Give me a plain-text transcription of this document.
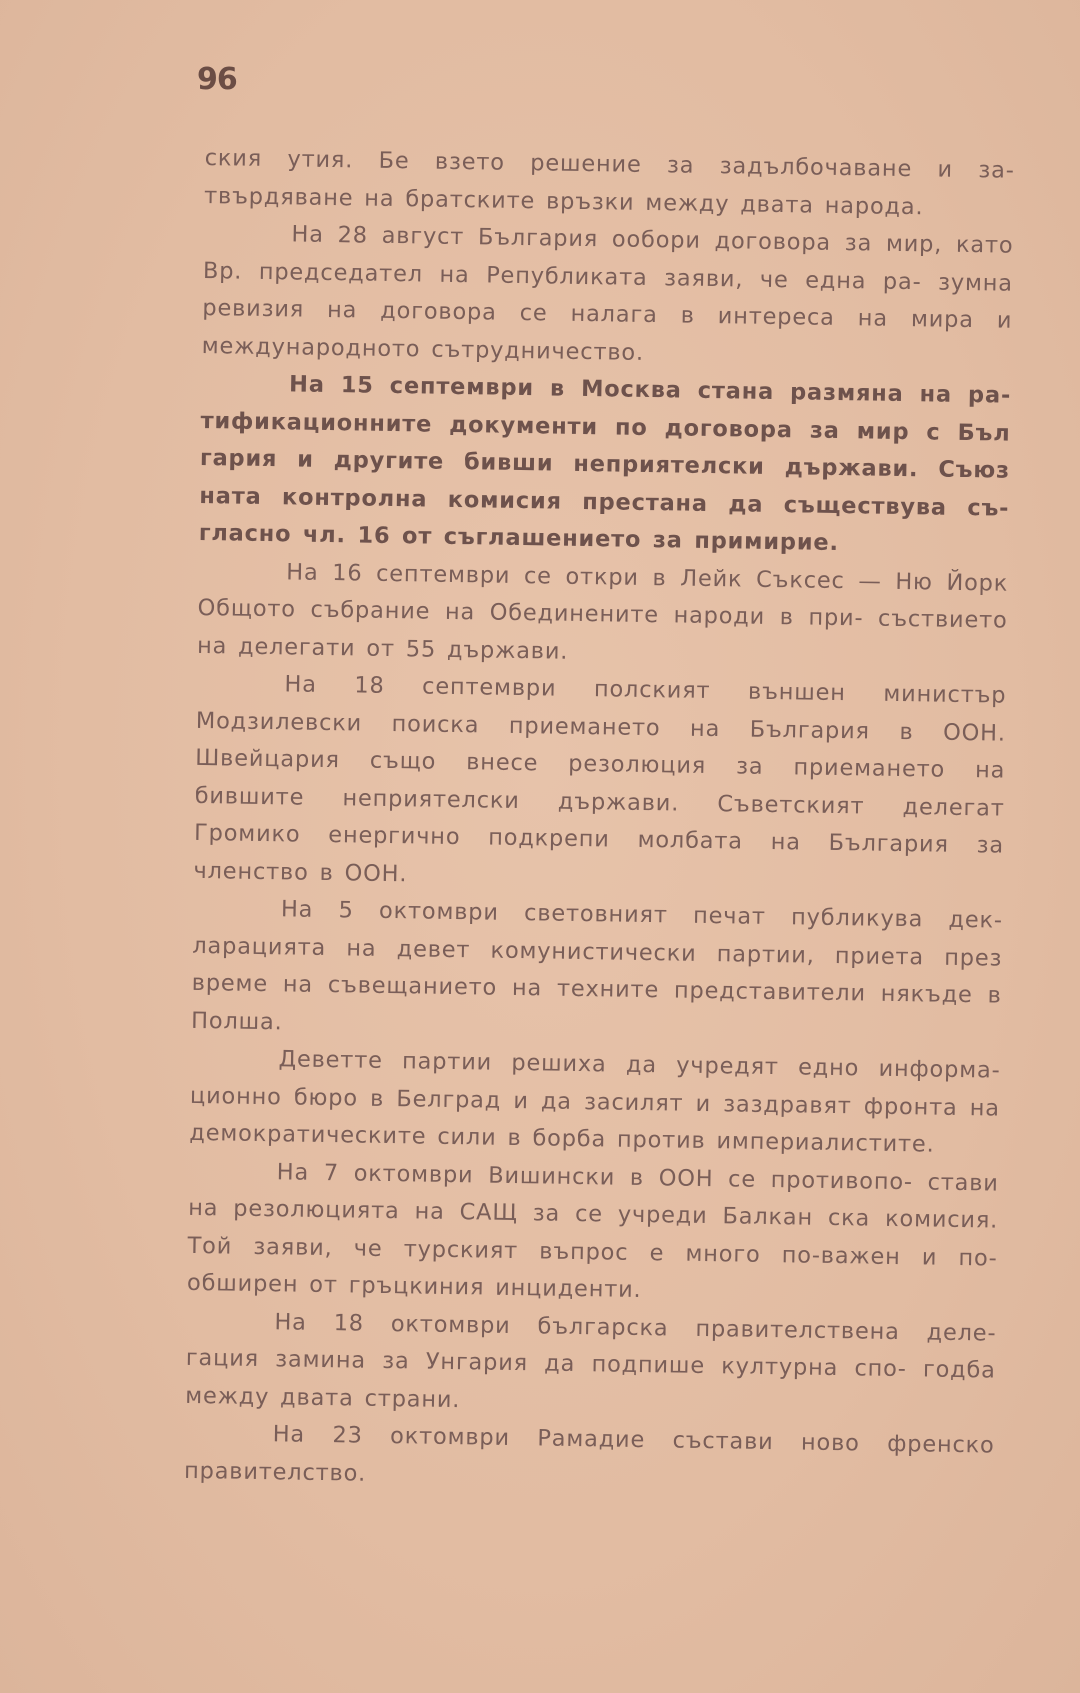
96

ския утия. Бе взето решение за задълбочаване и за- твърдяване на братските връзки между двата народа.

На 28 август България ообори договора за мир, като Вр. председател на Републиката заяви, че една ра- зумна ревизия на договора се налага в интереса на мира и международното сътрудничество.

На 15 септември в Москва стана размяна на ра- тификационните документи по договора за мир с Бъл гария и другите бивши неприятелски държави. Съюз ната контролна комисия престана да съществува съ- гласно чл. 16 от съглашението за примирие.

На 16 септември се откри в Лейк Съксес — Ню Йорк Общото събрание на Обединените народи в при- съствието на делегати от 55 държави.

На 18 септември полският външен министър Модзилевски поиска приемането на България в ООН. Швейцария също внесе резолюция за приемането на бившите неприятелски държави. Съветският делегат Громико енергично подкрепи молбата на България за членство в ООН.

На 5 октомври световният печат публикува дек- ларацията на девет комунистически партии, приета през време на съвещанието на техните представители някъде в Полша.

Деветте партии решиха да учредят едно информа- ционно бюро в Белград и да засилят и заздравят фронта на демократическите сили в борба против империалистите.

На 7 октомври Вишински в ООН се противопо- стави на резолюцията на САЩ за се учреди Балкан ска комисия. Той заяви, че турският въпрос е много по-важен и по-обширен от гръцкиния инциденти.

На 18 октомври българска правителствена деле- гация замина за Унгария да подпише културна спо- годба между двата страни.

На 23 октомври Рамадие състави ново френско правителство.
